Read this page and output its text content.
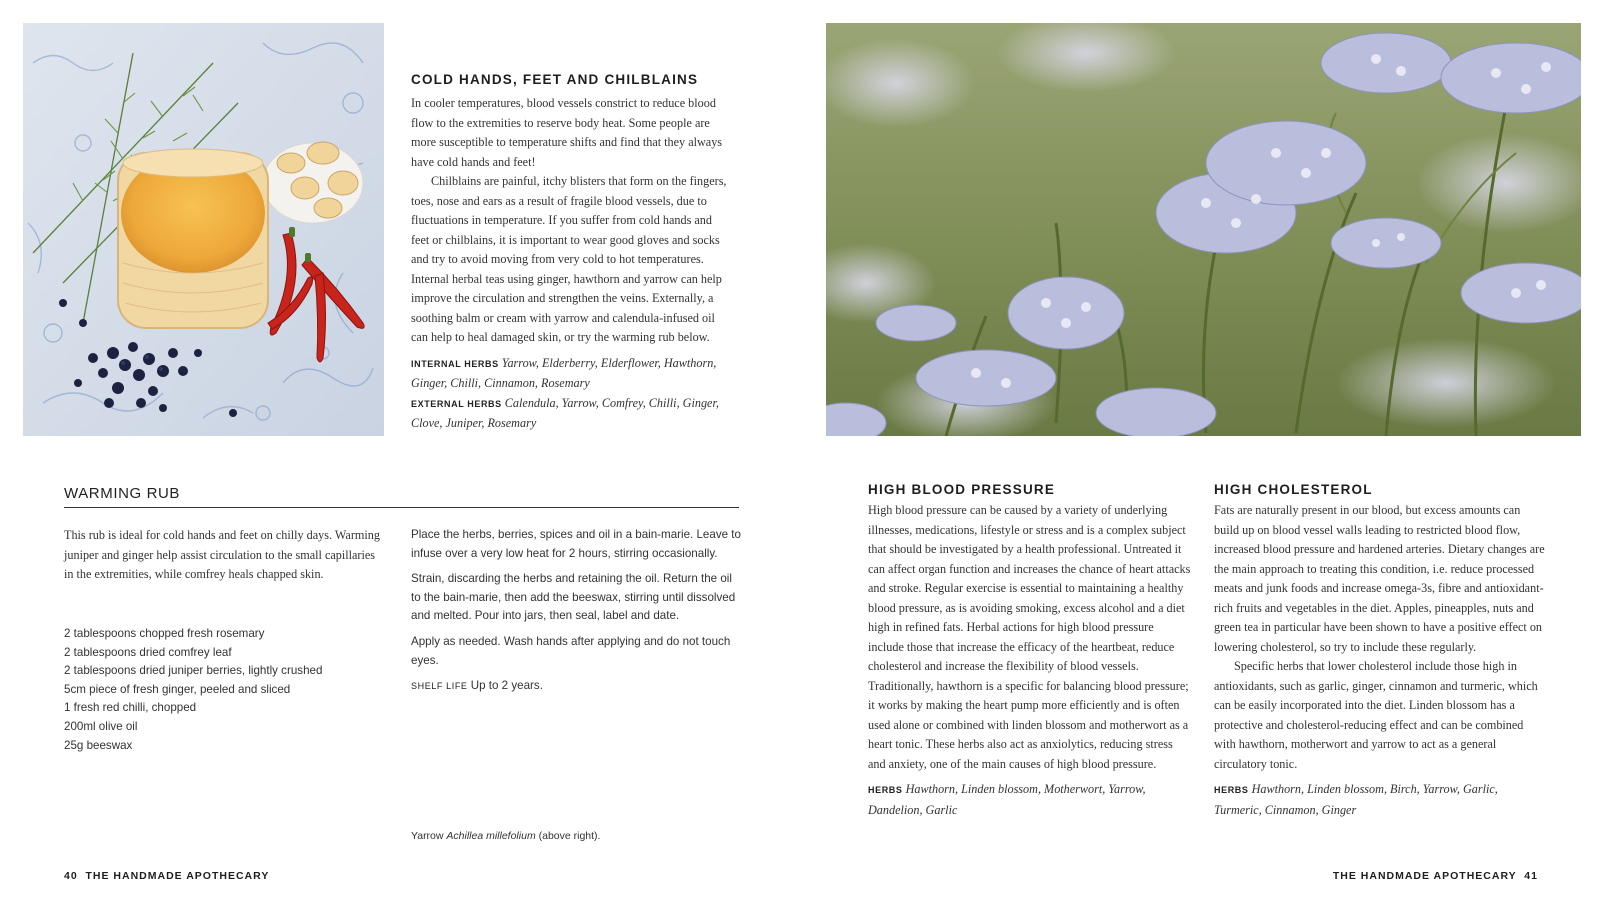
COLD HANDS, FEET AND CHILBLAINS

In cooler temperatures, blood vessels constrict to reduce blood flow to the extremities to reserve body heat. Some people are more susceptible to temperature shifts and find that they always have cold hands and feet!

Chilblains are painful, itchy blisters that form on the fingers, toes, nose and ears as a result of fragile blood vessels, due to fluctuations in temperature. If you suffer from cold hands and feet or chilblains, it is important to wear good gloves and socks and try to avoid moving from very cold to hot temperatures. Internal herbal teas using ginger, hawthorn and yarrow can help improve the circulation and strengthen the veins. Externally, a soothing balm or cream with yarrow and calendula-infused oil can help to heal damaged skin, or try the warming rub below.

INTERNAL HERBS Yarrow, Elderberry, Elderflower, Hawthorn, Ginger, Chilli, Cinnamon, Rosemary

EXTERNAL HERBS Calendula, Yarrow, Comfrey, Chilli, Ginger, Clove, Juniper, Rosemary

WARMING RUB

This rub is ideal for cold hands and feet on chilly days. Warming juniper and ginger help assist circulation to the small capillaries in the extremities, while comfrey heals chapped skin.

2 tablespoons chopped fresh rosemary
2 tablespoons dried comfrey leaf
2 tablespoons dried juniper berries, lightly crushed
5cm piece of fresh ginger, peeled and sliced
1 fresh red chilli, chopped
200ml olive oil
25g beeswax

Place the herbs, berries, spices and oil in a bain-marie. Leave to infuse over a very low heat for 2 hours, stirring occasionally.

Strain, discarding the herbs and retaining the oil. Return the oil to the bain-marie, then add the beeswax, stirring until dissolved and melted. Pour into jars, then seal, label and date.

Apply as needed. Wash hands after applying and do not touch eyes.

SHELF LIFE Up to 2 years.

Yarrow Achillea millefolium (above right).
40  THE HANDMADE APOTHECARY
HIGH BLOOD PRESSURE

High blood pressure can be caused by a variety of underlying illnesses, medications, lifestyle or stress and is a complex subject that should be investigated by a health professional. Untreated it can affect organ function and increases the chance of heart attacks and stroke. Regular exercise is essential to maintaining a healthy blood pressure, as is avoiding smoking, excess alcohol and a diet high in refined fats. Herbal actions for high blood pressure include those that increase the efficacy of the heartbeat, reduce cholesterol and increase the flexibility of blood vessels. Traditionally, hawthorn is a specific for balancing blood pressure; it works by making the heart pump more efficiently and is often used alone or combined with linden blossom and motherwort as a heart tonic. These herbs also act as anxiolytics, reducing stress and anxiety, one of the main causes of high blood pressure.

HERBS Hawthorn, Linden blossom, Motherwort, Yarrow, Dandelion, Garlic

HIGH CHOLESTEROL

Fats are naturally present in our blood, but excess amounts can build up on blood vessel walls leading to restricted blood flow, increased blood pressure and hardened arteries. Dietary changes are the main approach to treating this condition, i.e. reduce processed meats and junk foods and increase omega-3s, fibre and antioxidant-rich fruits and vegetables in the diet. Apples, pineapples, nuts and green tea in particular have been shown to have a positive effect on lowering cholesterol, so try to include these regularly.

Specific herbs that lower cholesterol include those high in antioxidants, such as garlic, ginger, cinnamon and turmeric, which can be easily incorporated into the diet. Linden blossom has a protective and cholesterol-reducing effect and can be combined with hawthorn, motherwort and yarrow to act as a general circulatory tonic.

HERBS Hawthorn, Linden blossom, Birch, Yarrow, Garlic, Turmeric, Cinnamon, Ginger

THE HANDMADE APOTHECARY  41
